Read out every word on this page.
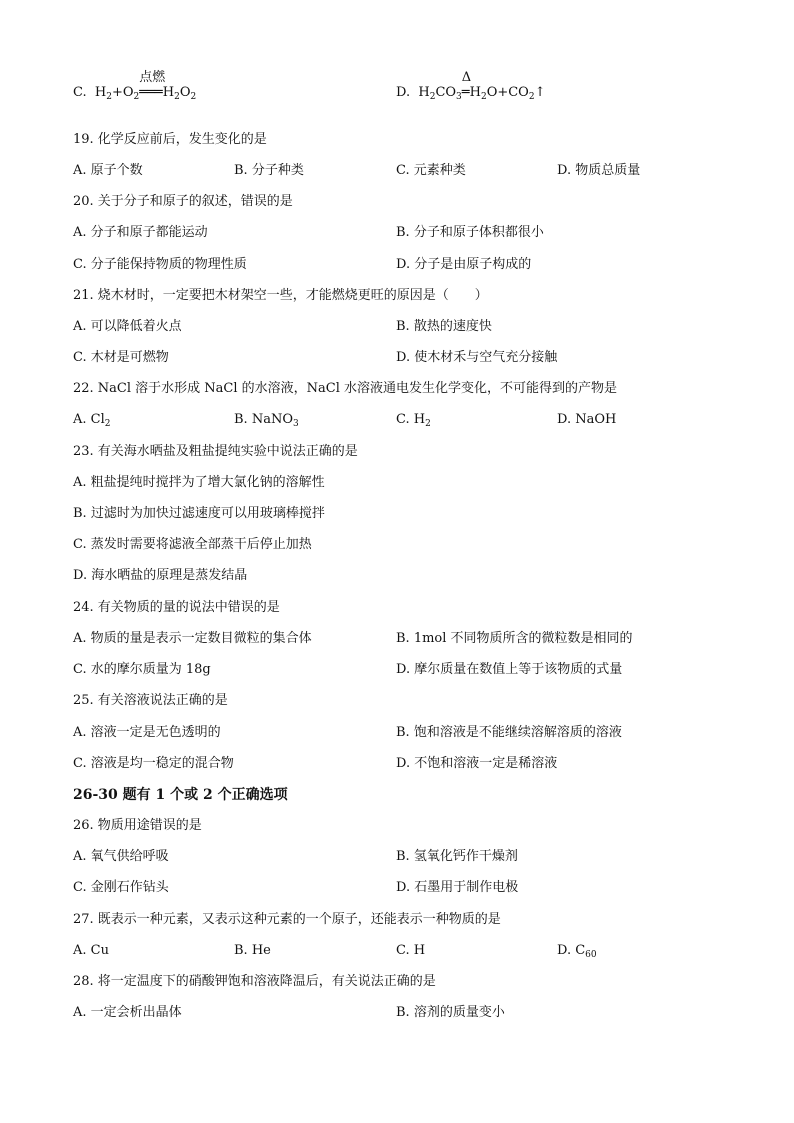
C. $H_2+O_2$
点燃
$═══H_2O_2$	D. $H_2CO_3$
Δ
$═H_2O+CO_2↑$
19. 化学反应前后，发生变化的是
A. 原子个数	B. 分子种类	C. 元素种类	D. 物质总质量
20. 关于分子和原子的叙述，错误的是
A. 分子和原子都能运动	B. 分子和原子体积都很小
C. 分子能保持物质的物理性质	D. 分子是由原子构成的
21. 烧木材时，一定要把木材架空一些，才能燃烧更旺的原因是（　　）
A. 可以降低着火点	B. 散热的速度快
C. 木材是可燃物	D. 使木材禾与空气充分接触
22. NaCl 溶于水形成 NaCl 的水溶液，NaCl 水溶液通电发生化学变化，不可能得到的产物是
A. $Cl_2$	B. NaNO$_3$	C. $H_2$	D. NaOH
23. 有关海水晒盐及粗盐提纯实验中说法正确的是
A. 粗盐提纯时搅拌为了增大氯化钠的溶解性
B. 过滤时为加快过滤速度可以用玻璃棒搅拌
C. 蒸发时需要将滤液全部蒸干后停止加热
D. 海水晒盐的原理是蒸发结晶
24. 有关物质的量的说法中错误的是
A. 物质的量是表示一定数目微粒的集合体	B. 1mol 不同物质所含的微粒数是相同的
C. 水的摩尔质量为 18g	D. 摩尔质量在数值上等于该物质的式量
25. 有关溶液说法正确的是
A. 溶液一定是无色透明的	B. 饱和溶液是不能继续溶解溶质的溶液
C. 溶液是均一稳定的混合物	D. 不饱和溶液一定是稀溶液
26-30 题有 1 个或 2 个正确选项
26. 物质用途错误的是
A. 氧气供给呼吸	B. 氢氧化钙作干燥剂
C. 金刚石作钻头	D. 石墨用于制作电极
27. 既表示一种元素，又表示这种元素的一个原子，还能表示一种物质的是
A. Cu	B. He	C. H	D. $C_{60}$
28. 将一定温度下的硝酸钾饱和溶液降温后，有关说法正确的是
A. 一定会析出晶体	B. 溶剂的质量变小
